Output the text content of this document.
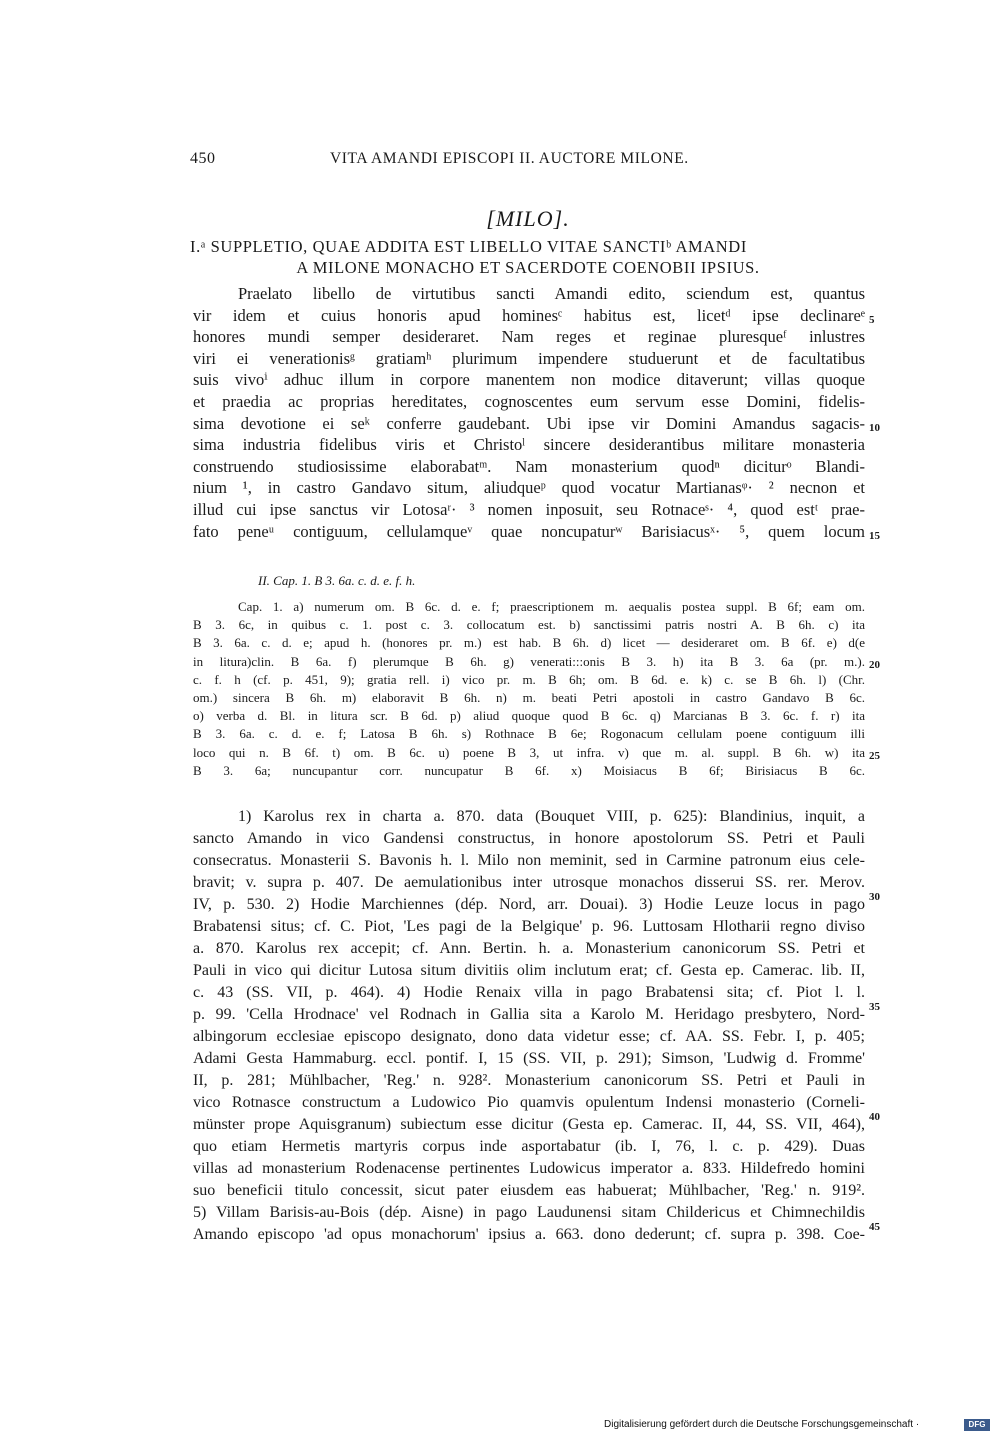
450	VITA AMANDI EPISCOPI II. AUCTORE MILONE.
[MILO].
I.ᵃ SUPPLETIO, QUAE ADDITA EST LIBELLO VITAE SANCTIᵇ AMANDI
A MILONE MONACHO ET SACERDOTE COENOBII IPSIUS.
Praelato libello de virtutibus sancti Amandi edito, sciendum est, quantus
vir idem et cuius honoris apud hominesᶜ habitus est, licetᵈ ipse declinareᵉ
honores mundi semper desideraret. Nam reges et reginae pluresqueᶠ inlustres
viri ei venerationisᵍ gratiamʰ plurimum impendere studuerunt et de facultatibus
suis vivoⁱ adhuc illum in corpore manentem non modice ditaverunt; villas quoque
et praedia ac proprias hereditates, cognoscentes eum servum esse Domini, fidelis-
sima devotione ei seᵏ conferre gaudebant. Ubi ipse vir Domini Amandus sagacis-
sima industria fidelibus viris et Christoˡ sincere desiderantibus militare monasteria
construendo studiosissime elaborabatᵐ. Nam monasterium quodⁿ diciturᵒ Blandi-
nium ¹, in castro Gandavo situm, aliudqueᵖ quod vocatur Martianasᵠ· ² necnon et
illud cui ipse sanctus vir Lotosaʳ· ³ nomen inposuit, seu Rotnaceˢ· ⁴, quod estᵗ prae-
fato peneᵘ contiguum, cellulamqueᵛ quae noncupaturʷ Barisiacusˣ· ⁵, quem locum
5
10
15
II. Cap. 1. B 3. 6a. c. d. e. f. h.
Cap. 1. a) numerum om. B 6c. d. e. f; praescriptionem m. aequalis postea suppl. B 6f; eam om.
B 3. 6c, in quibus c. 1. post c. 3. collocatum est. b) sanctissimi patris nostri A. B 6h. c) ita
B 3. 6a. c. d. e; apud h. (honores pr. m.) est hab. B 6h. d) licet — desideraret om. B 6f. e) d(e
in litura)clin. B 6a. f) plerumque B 6h. g) venerati:::onis B 3. h) ita B 3. 6a (pr. m.).
c. f. h (cf. p. 451, 9); gratia rell. i) vico pr. m. B 6h; om. B 6d. e. k) c. se B 6h. l) (Chr.
om.) sincera B 6h. m) elaboravit B 6h. n) m. beati Petri apostoli in castro Gandavo B 6c.
o) verba d. Bl. in litura scr. B 6d. p) aliud quoque quod B 6c. q) Marcianas B 3. 6c. f. r) ita
B 3. 6a. c. d. e. f; Latosa B 6h. s) Rothnace B 6e; Rogonacum cellulam poene contiguum illi
loco qui n. B 6f. t) om. B 6c. u) poene B 3, ut infra. v) que m. al. suppl. B 6h. w) ita
B 3. 6a; nuncupantur corr. nuncupatur B 6f. x) Moisiacus B 6f; Birisiacus B 6c.
20
25
1) Karolus rex in charta a. 870. data (Bouquet VIII, p. 625): Blandinius, inquit, a
sancto Amando in vico Gandensi constructus, in honore apostolorum SS. Petri et Pauli
consecratus. Monasterii S. Bavonis h. l. Milo non meminit, sed in Carmine patronum eius cele-
bravit; v. supra p. 407. De aemulationibus inter utrosque monachos disserui SS. rer. Merov.
IV, p. 530. 2) Hodie Marchiennes (dép. Nord, arr. Douai). 3) Hodie Leuze locus in pago
Brabatensi situs; cf. C. Piot, 'Les pagi de la Belgique' p. 96. Luttosam Hlotharii regno diviso
a. 870. Karolus rex accepit; cf. Ann. Bertin. h. a. Monasterium canonicorum SS. Petri et
Pauli in vico qui dicitur Lutosa situm divitiis olim inclutum erat; cf. Gesta ep. Camerac. lib. II,
c. 43 (SS. VII, p. 464). 4) Hodie Renaix villa in pago Brabatensi sita; cf. Piot l. l.
p. 99. 'Cella Hrodnace' vel Rodnach in Gallia sita a Karolo M. Heridago presbytero, Nord-
albingorum ecclesiae episcopo designato, dono data videtur esse; cf. AA. SS. Febr. I, p. 405;
Adami Gesta Hammaburg. eccl. pontif. I, 15 (SS. VII, p. 291); Simson, 'Ludwig d. Fromme'
II, p. 281; Mühlbacher, 'Reg.' n. 928². Monasterium canonicorum SS. Petri et Pauli in
vico Rotnasce constructum a Ludowico Pio quamvis opulentum Indensi monasterio (Corneli-
münster prope Aquisgranum) subiectum esse dicitur (Gesta ep. Camerac. II, 44, SS. VII, 464),
quo etiam Hermetis martyris corpus inde asportabatur (ib. I, 76, l. c. p. 429). Duas
villas ad monasterium Rodenacense pertinentes Ludowicus imperator a. 833. Hildefredo homini
suo beneficii titulo concessit, sicut pater eiusdem eas habuerat; Mühlbacher, 'Reg.' n. 919².
5) Villam Barisis-au-Bois (dép. Aisne) in pago Laudunensi sitam Childericus et Chimnechildis
Amando episcopo 'ad opus monachorum' ipsius a. 663. dono dederunt; cf. supra p. 398. Coe-
30
35
40
45
Digitalisierung gefördert durch die Deutsche Forschungsgemeinschaft ·	DFG
